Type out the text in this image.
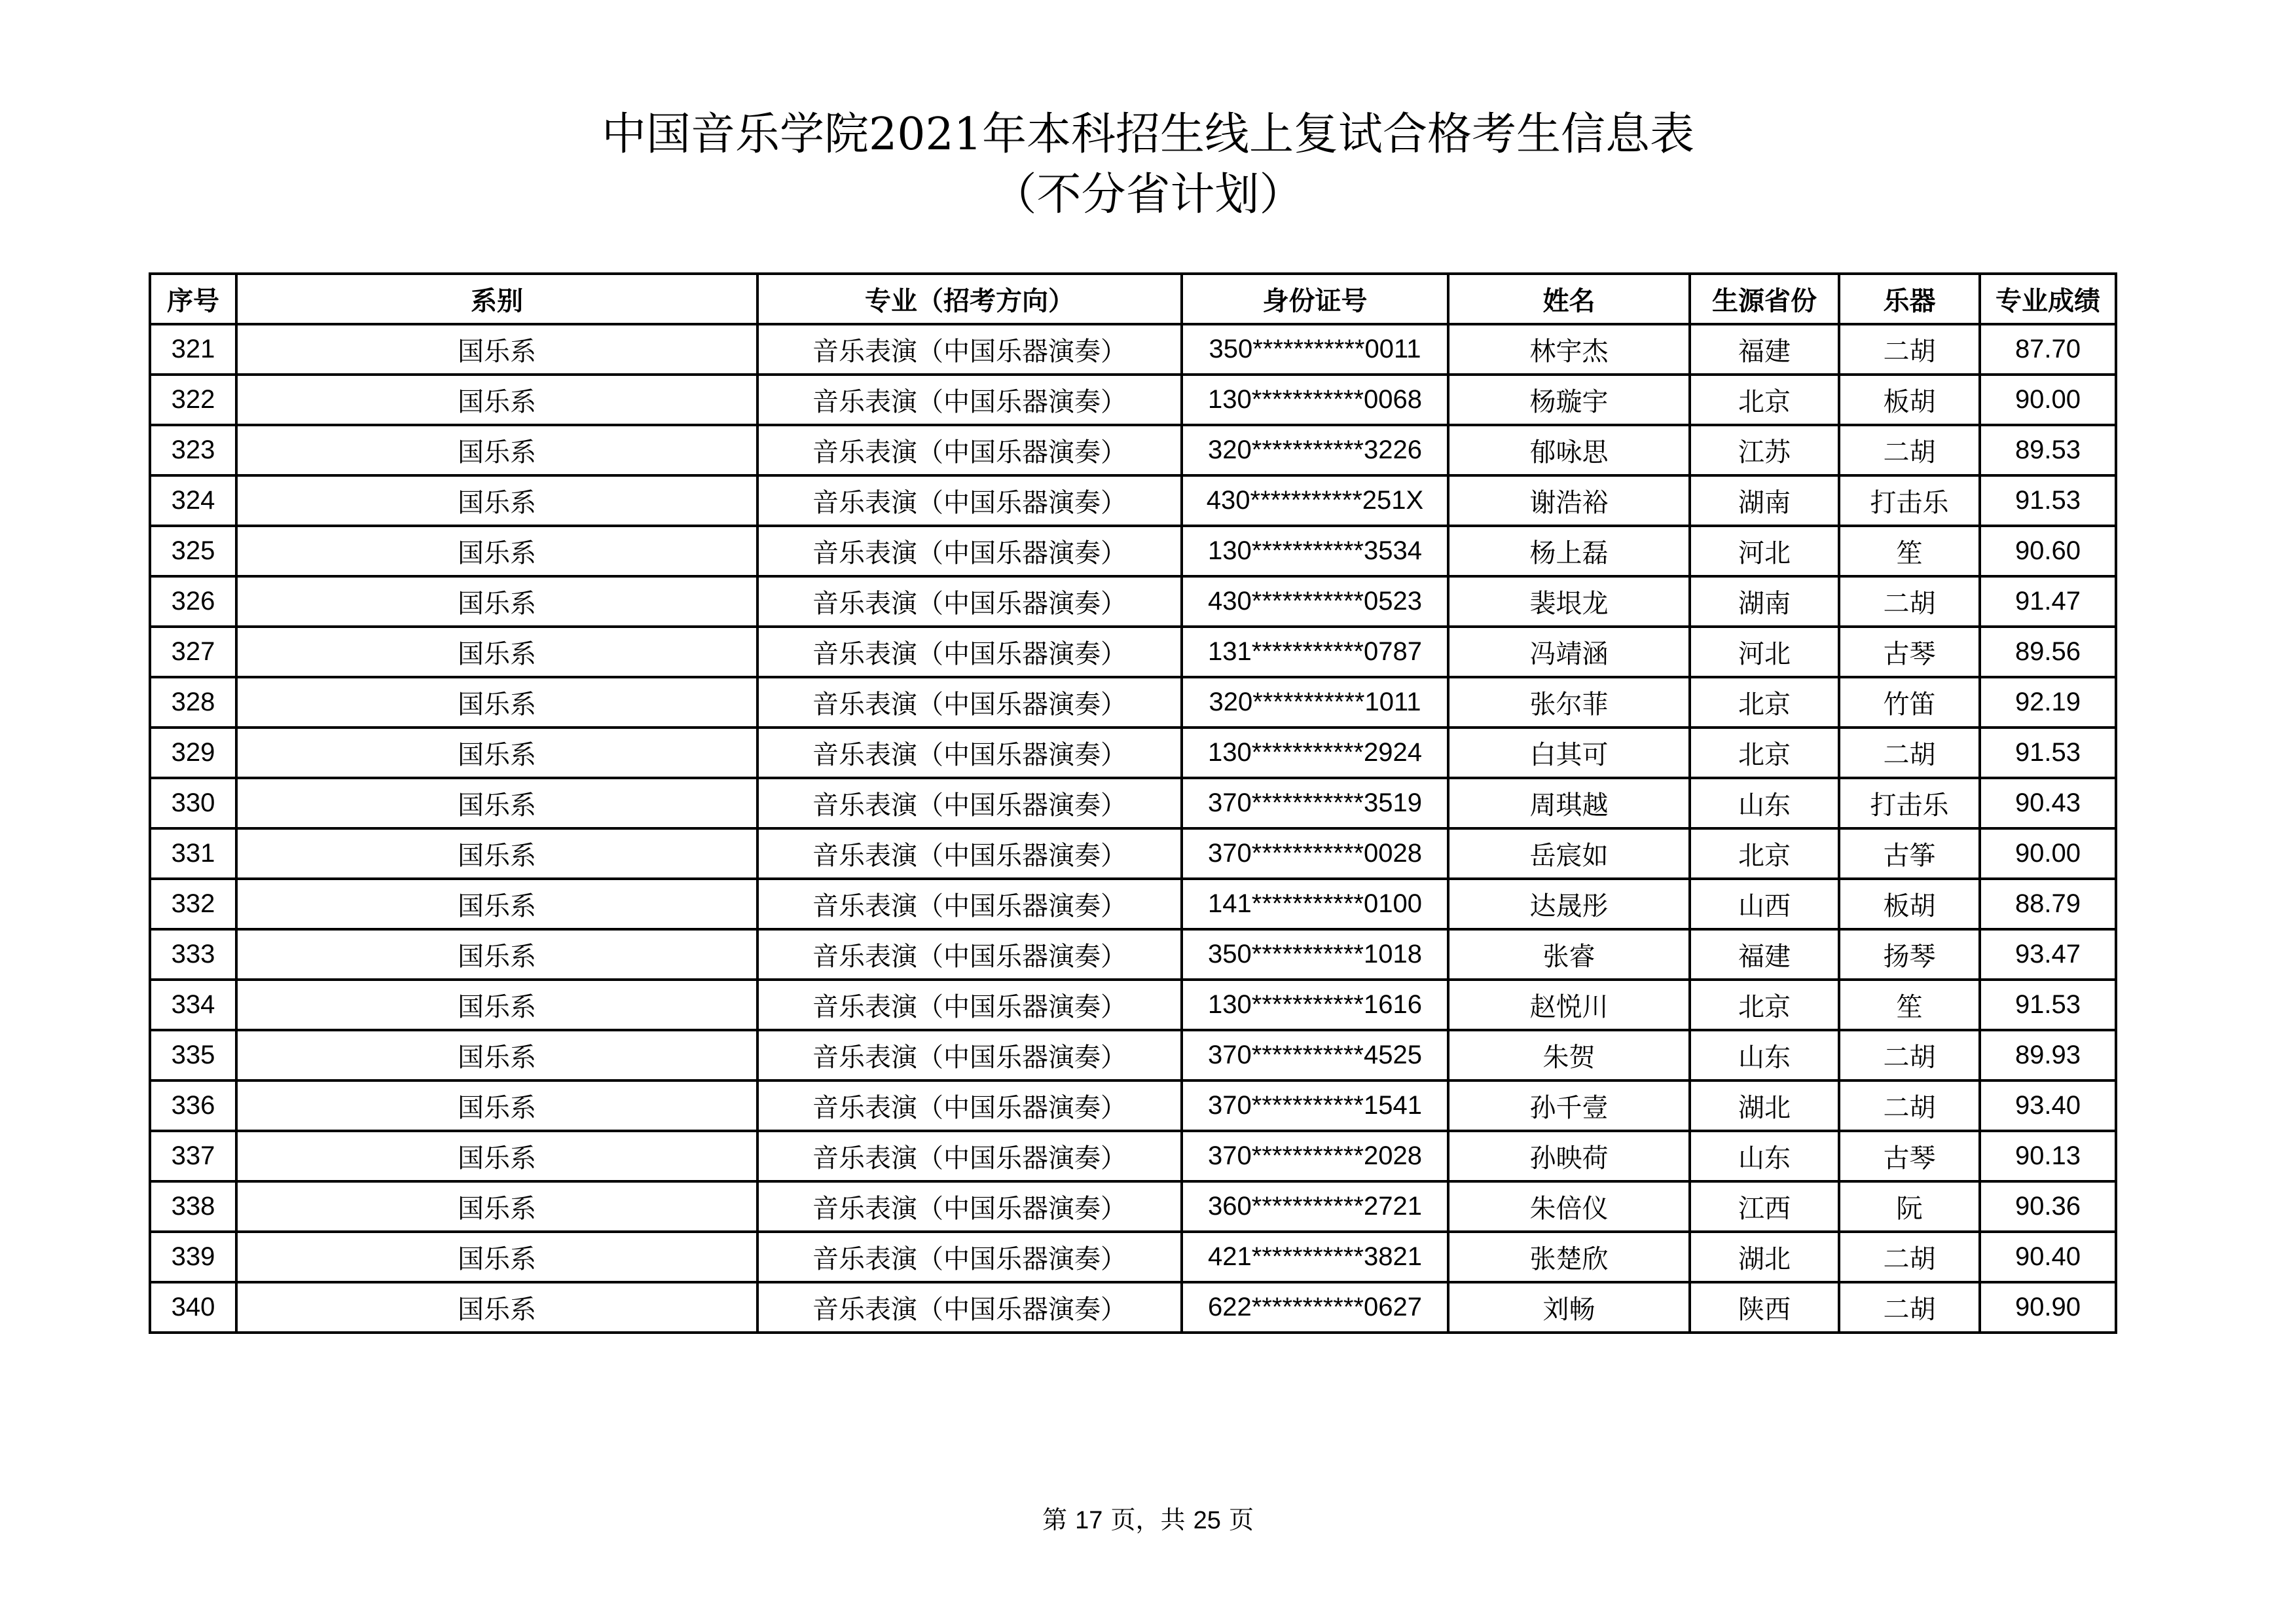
中国音乐学院2021年本科招生线上复试合格考生信息表
（不分省计划）
序号	系别	专业（招考方向）	身份证号	姓名	生源省份	乐器	专业成绩
321	国乐系	音乐表演（中国乐器演奏）	350***********0011	林宇杰	福建	二胡	87.70
322	国乐系	音乐表演（中国乐器演奏）	130***********0068	杨璇宇	北京	板胡	90.00
323	国乐系	音乐表演（中国乐器演奏）	320***********3226	郁咏思	江苏	二胡	89.53
324	国乐系	音乐表演（中国乐器演奏）	430***********251X	谢浩裕	湖南	打击乐	91.53
325	国乐系	音乐表演（中国乐器演奏）	130***********3534	杨上磊	河北	笙	90.60
326	国乐系	音乐表演（中国乐器演奏）	430***********0523	裴垠龙	湖南	二胡	91.47
327	国乐系	音乐表演（中国乐器演奏）	131***********0787	冯靖涵	河北	古琴	89.56
328	国乐系	音乐表演（中国乐器演奏）	320***********1011	张尔菲	北京	竹笛	92.19
329	国乐系	音乐表演（中国乐器演奏）	130***********2924	白其可	北京	二胡	91.53
330	国乐系	音乐表演（中国乐器演奏）	370***********3519	周琪越	山东	打击乐	90.43
331	国乐系	音乐表演（中国乐器演奏）	370***********0028	岳宸如	北京	古筝	90.00
332	国乐系	音乐表演（中国乐器演奏）	141***********0100	达晟彤	山西	板胡	88.79
333	国乐系	音乐表演（中国乐器演奏）	350***********1018	张睿	福建	扬琴	93.47
334	国乐系	音乐表演（中国乐器演奏）	130***********1616	赵悦川	北京	笙	91.53
335	国乐系	音乐表演（中国乐器演奏）	370***********4525	朱贺	山东	二胡	89.93
336	国乐系	音乐表演（中国乐器演奏）	370***********1541	孙千壹	湖北	二胡	93.40
337	国乐系	音乐表演（中国乐器演奏）	370***********2028	孙映荷	山东	古琴	90.13
338	国乐系	音乐表演（中国乐器演奏）	360***********2721	朱倍仪	江西	阮	90.36
339	国乐系	音乐表演（中国乐器演奏）	421***********3821	张楚欣	湖北	二胡	90.40
340	国乐系	音乐表演（中国乐器演奏）	622***********0627	刘畅	陕西	二胡	90.90
第 17 页，共 25 页
